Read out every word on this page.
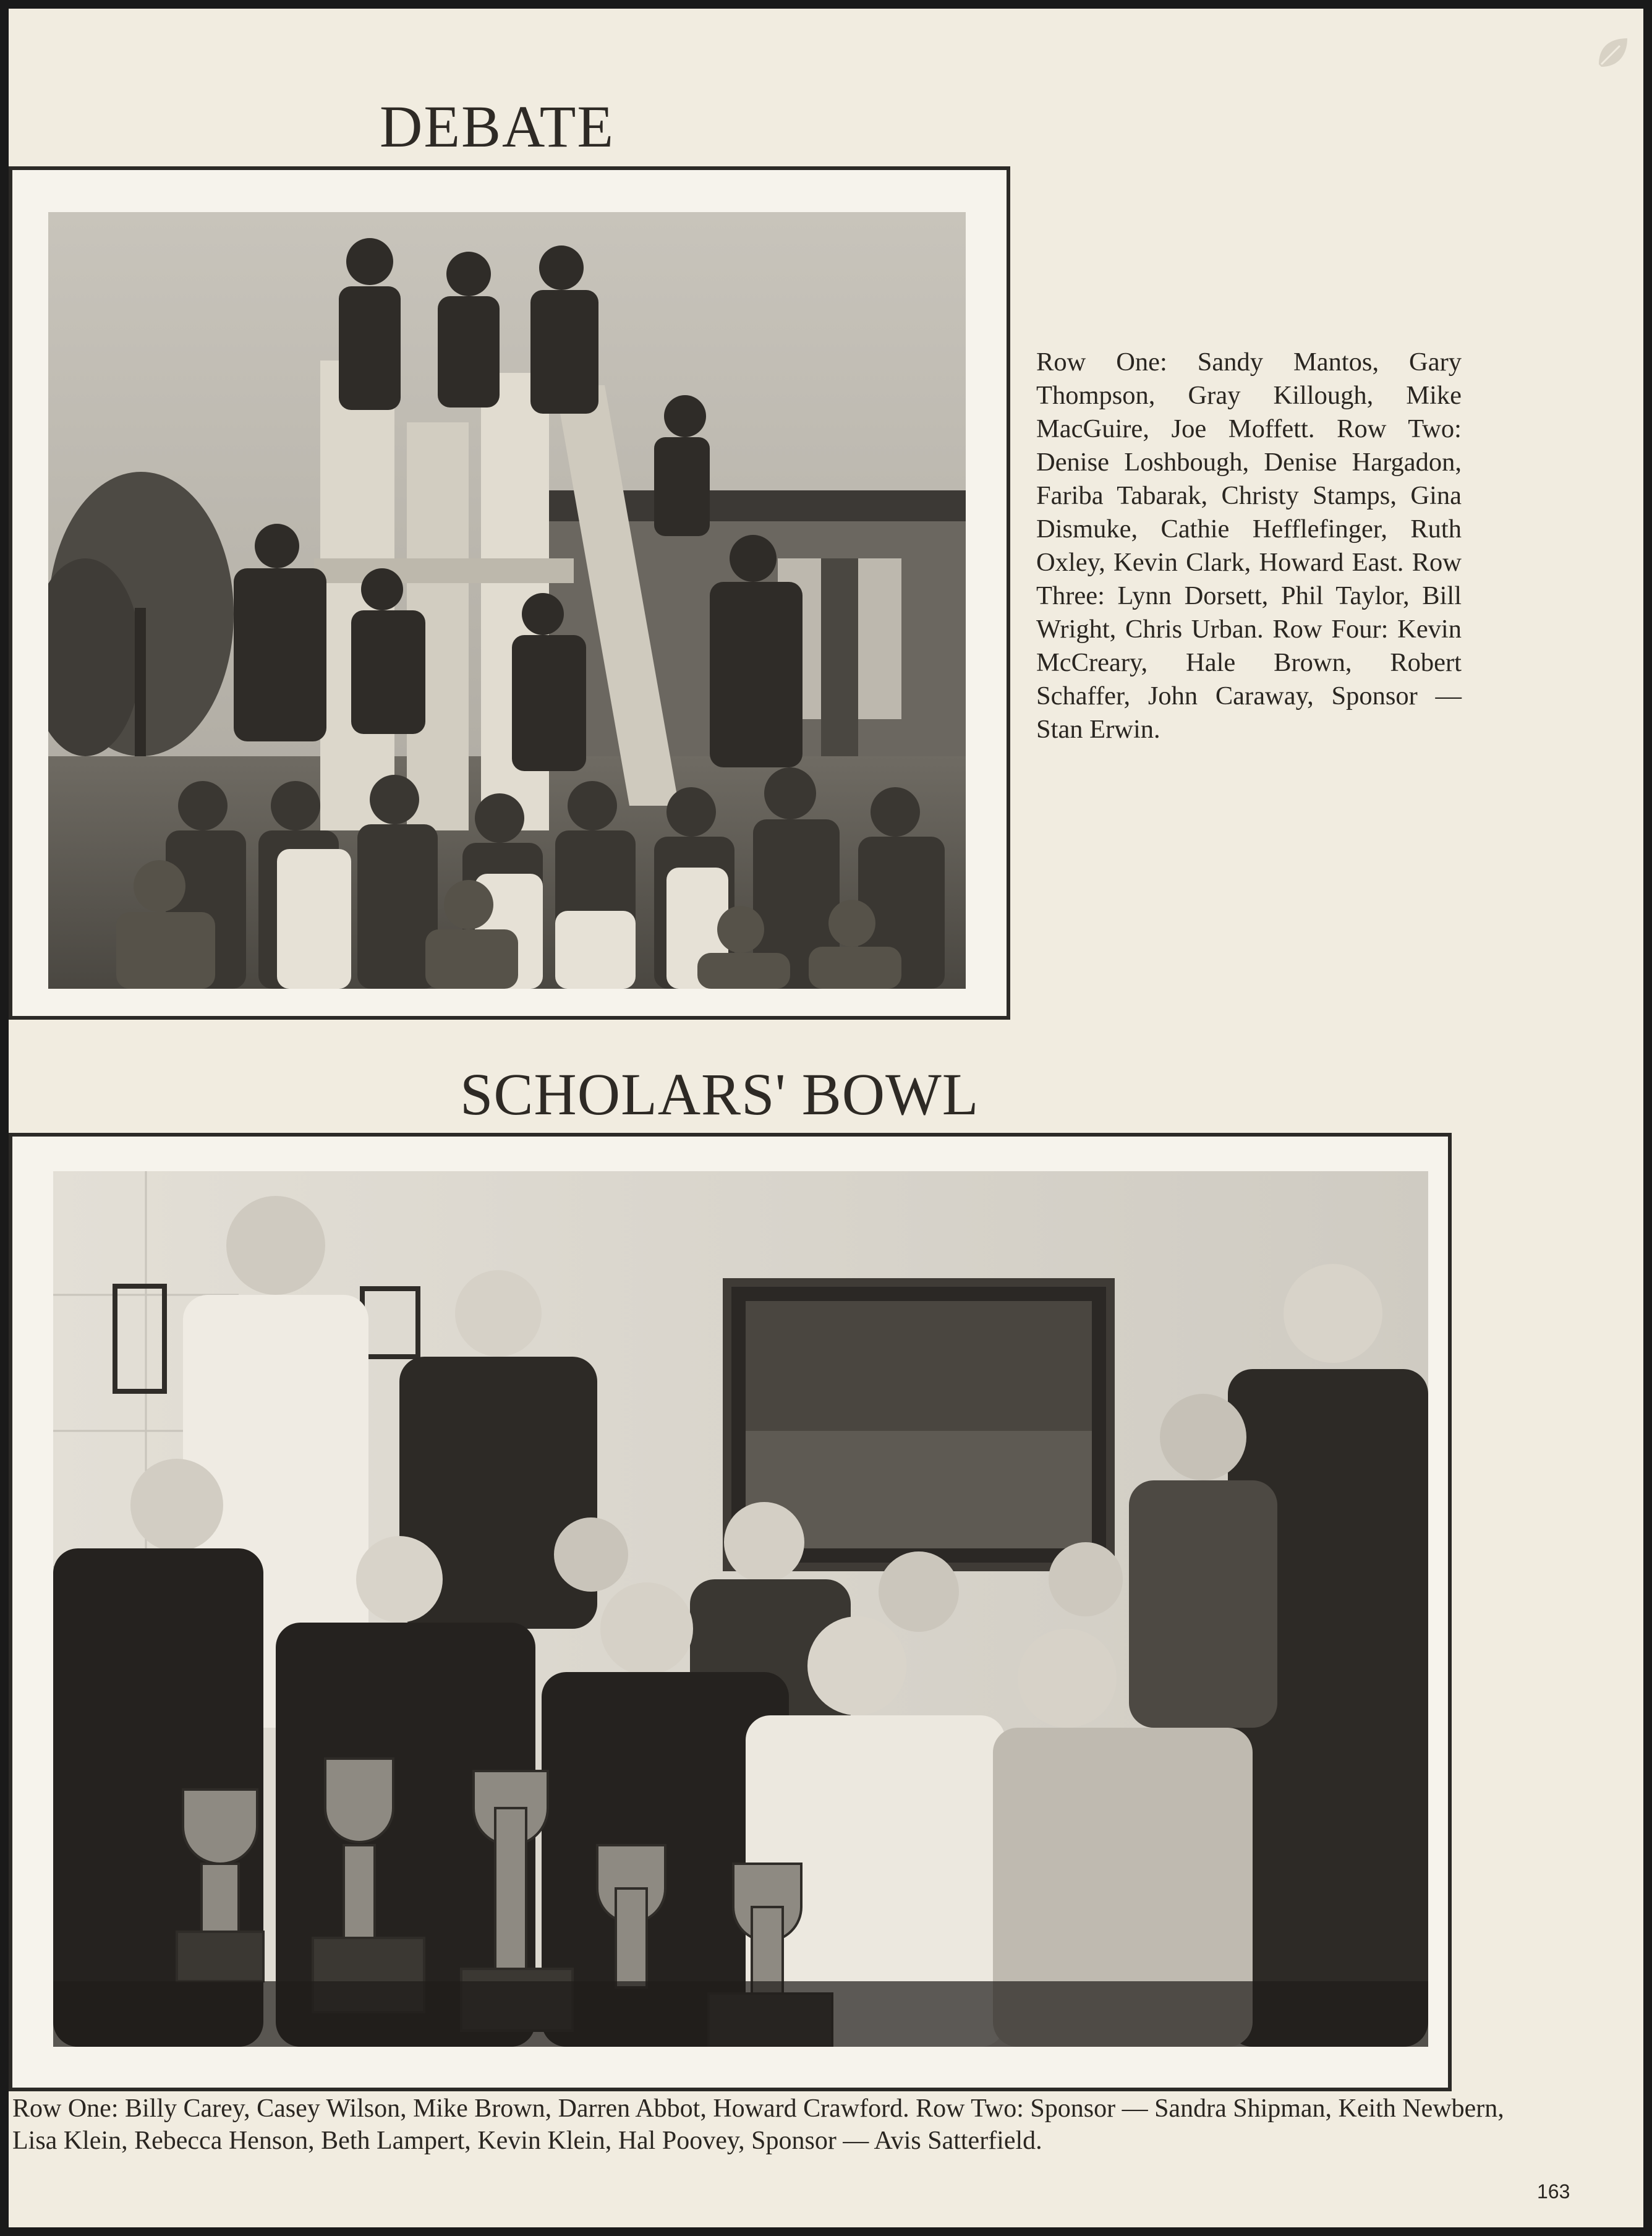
DEBATE

Row One: Sandy Mantos, Gary Thompson, Gray Killough, Mike MacGuire, Joe Moffett. Row Two: Denise Loshbough, Denise Hargadon, Fariba Tabarak, Christy Stamps, Gina Dismuke, Cathie Hefflefinger, Ruth Oxley, Kevin Clark, Howard East. Row Three: Lynn Dorsett, Phil Taylor, Bill Wright, Chris Urban. Row Four: Kevin McCreary, Hale Brown, Robert Schaffer, John Caraway, Sponsor — Stan Erwin.

SCHOLARS' BOWL

Row One: Billy Carey, Casey Wilson, Mike Brown, Darren Abbot, Howard Crawford. Row Two: Sponsor — Sandra Shipman, Keith Newbern, Lisa Klein, Rebecca Henson, Beth Lampert, Kevin Klein, Hal Poovey, Sponsor — Avis Satterfield.

163
